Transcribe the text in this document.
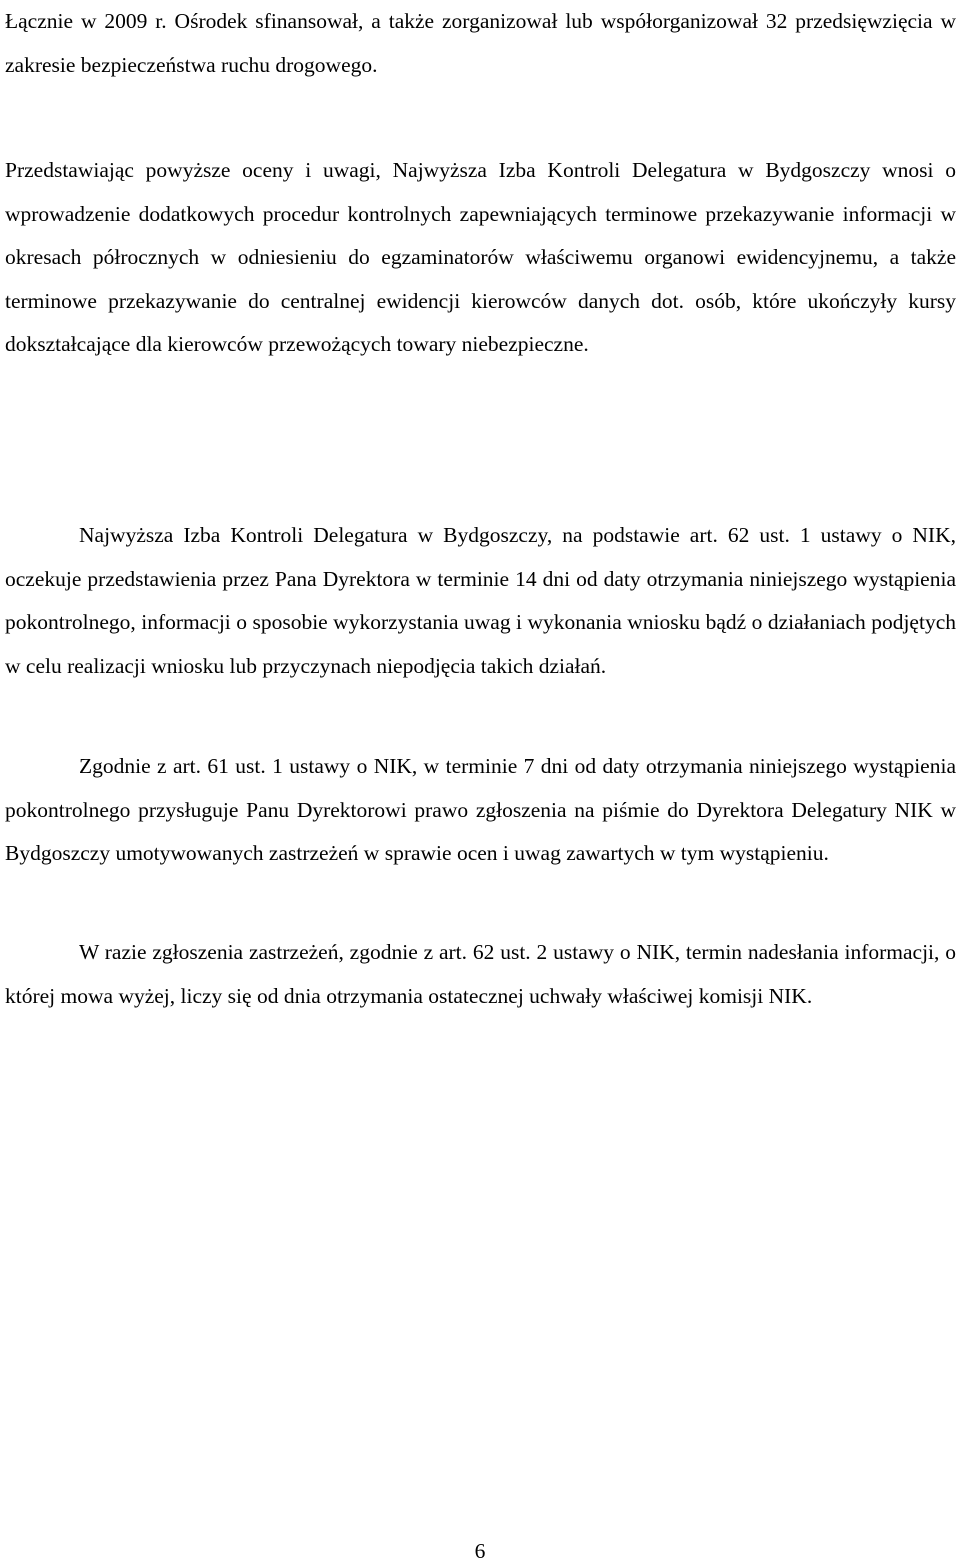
Łącznie w 2009 r. Ośrodek sfinansował, a także zorganizował lub współorganizował 32 przedsięwzięcia w zakresie bezpieczeństwa ruchu drogowego.

Przedstawiając powyższe oceny i uwagi, Najwyższa Izba Kontroli Delegatura w Bydgoszczy wnosi o wprowadzenie dodatkowych procedur kontrolnych zapewniających terminowe przekazywanie informacji w okresach półrocznych w odniesieniu do egzaminatorów właściwemu organowi ewidencyjnemu, a także terminowe przekazywanie do centralnej ewidencji kierowców danych dot. osób, które ukończyły kursy dokształcające dla kierowców przewożących towary niebezpieczne.

Najwyższa Izba Kontroli Delegatura w Bydgoszczy, na podstawie art. 62 ust. 1 ustawy o NIK, oczekuje przedstawienia przez Pana Dyrektora w terminie 14 dni od daty otrzymania niniejszego wystąpienia pokontrolnego, informacji o sposobie wykorzystania uwag i wykonania wniosku bądź o działaniach podjętych w celu realizacji wniosku lub przyczynach niepodjęcia takich działań.

Zgodnie z art. 61 ust. 1 ustawy o NIK, w terminie 7 dni od daty otrzymania niniejszego wystąpienia pokontrolnego przysługuje Panu Dyrektorowi prawo zgłoszenia na piśmie do Dyrektora Delegatury NIK w Bydgoszczy umotywowanych zastrzeżeń w sprawie ocen i uwag zawartych w tym wystąpieniu.

W razie zgłoszenia zastrzeżeń, zgodnie z art. 62 ust. 2 ustawy o NIK, termin nadesłania informacji, o której mowa wyżej, liczy się od dnia otrzymania ostatecznej uchwały właściwej komisji NIK.

6
